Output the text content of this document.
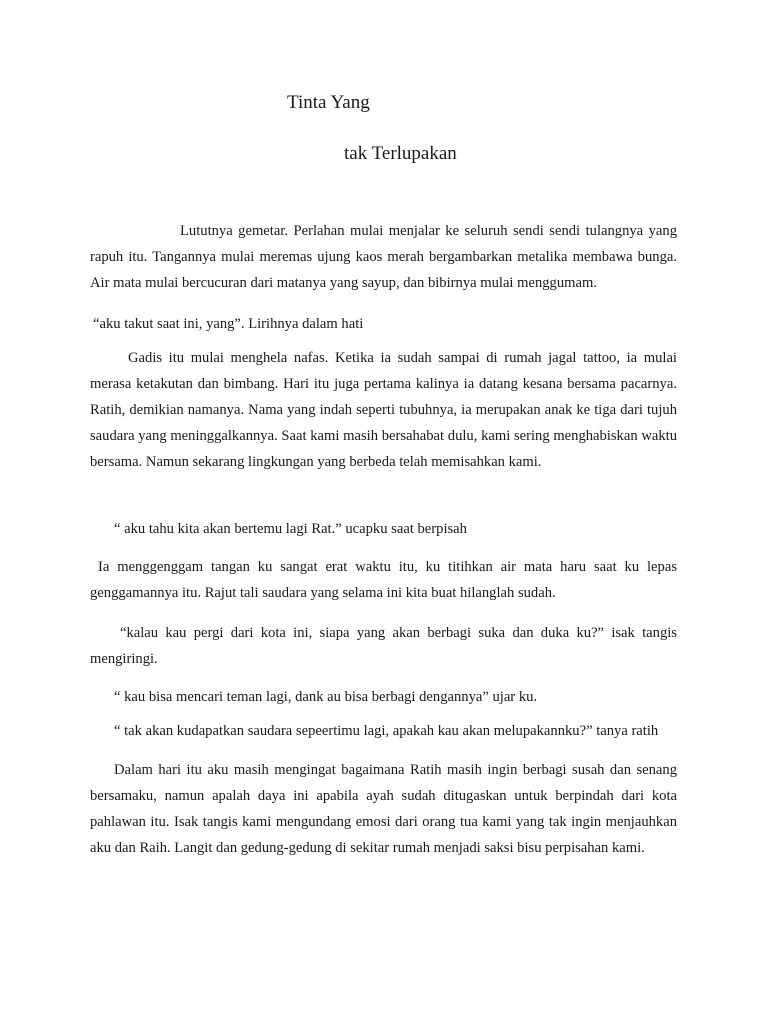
Tinta Yang
tak Terlupakan

Lututnya gemetar. Perlahan mulai menjalar ke seluruh sendi sendi tulangnya yang rapuh itu. Tangannya mulai meremas ujung kaos merah bergambarkan metalika membawa bunga. Air mata mulai bercucuran dari matanya yang sayup, dan bibirnya mulai menggumam.

“aku takut saat ini, yang”. Lirihnya dalam hati

Gadis itu mulai menghela nafas. Ketika ia sudah sampai di rumah jagal tattoo, ia mulai merasa ketakutan dan bimbang. Hari itu juga pertama kalinya ia datang kesana bersama pacarnya. Ratih, demikian namanya. Nama yang indah seperti tubuhnya, ia merupakan anak ke tiga dari tujuh saudara yang meninggalkannya. Saat kami masih bersahabat dulu, kami sering menghabiskan waktu bersama. Namun sekarang lingkungan yang berbeda telah memisahkan kami.

“ aku tahu kita akan bertemu lagi Rat.” ucapku saat berpisah

Ia menggenggam tangan ku sangat erat waktu itu, ku titihkan air mata haru saat ku lepas genggamannya itu. Rajut tali saudara yang selama ini kita buat hilanglah sudah.

“kalau kau pergi dari kota ini, siapa yang akan berbagi suka dan duka ku?” isak tangis mengiringi.

“ kau bisa mencari teman lagi, dank au bisa berbagi dengannya” ujar ku.

“ tak akan kudapatkan saudara sepeertimu lagi, apakah kau akan melupakannku?” tanya ratih

Dalam hari itu aku masih mengingat bagaimana Ratih masih ingin berbagi susah dan senang bersamaku, namun apalah daya ini apabila ayah sudah ditugaskan untuk berpindah dari kota pahlawan itu. Isak tangis kami mengundang emosi dari orang tua kami yang tak ingin menjauhkan aku dan Raih. Langit dan gedung-gedung di sekitar rumah menjadi saksi bisu perpisahan kami.
